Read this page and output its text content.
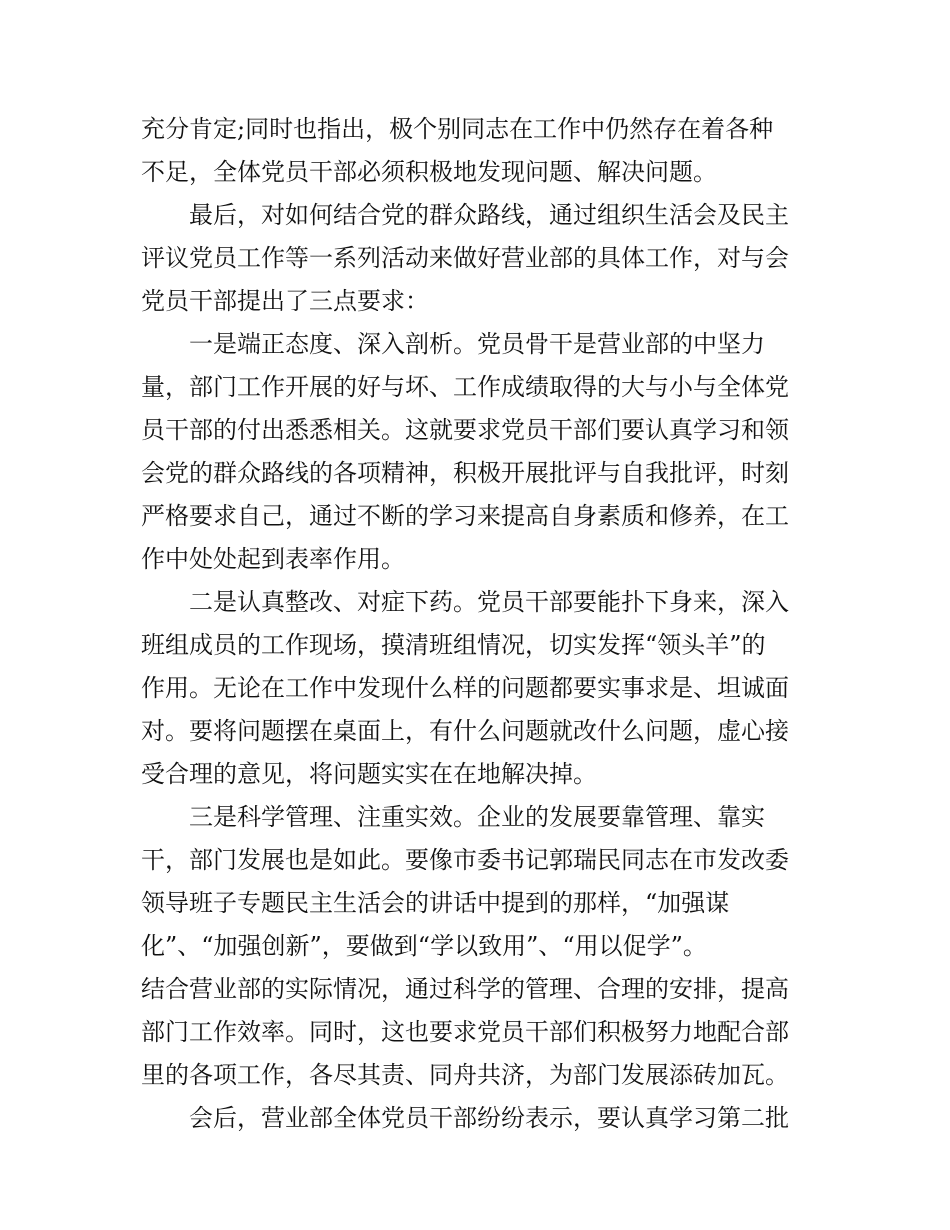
充分肯定;同时也指出，极个别同志在工作中仍然存在着各种
不足，全体党员干部必须积极地发现问题、解决问题。
最后，对如何结合党的群众路线，通过组织生活会及民主
评议党员工作等一系列活动来做好营业部的具体工作，对与会
党员干部提出了三点要求：
一是端正态度、深入剖析。党员骨干是营业部的中坚力
量，部门工作开展的好与坏、工作成绩取得的大与小与全体党
员干部的付出悉悉相关。这就要求党员干部们要认真学习和领
会党的群众路线的各项精神，积极开展批评与自我批评，时刻
严格要求自己，通过不断的学习来提高自身素质和修养，在工
作中处处起到表率作用。
二是认真整改、对症下药。党员干部要能扑下身来，深入
班组成员的工作现场，摸清班组情况，切实发挥“领头羊”的
作用。无论在工作中发现什么样的问题都要实事求是、坦诚面
对。要将问题摆在桌面上，有什么问题就改什么问题，虚心接
受合理的意见，将问题实实在在地解决掉。
三是科学管理、注重实效。企业的发展要靠管理、靠实
干，部门发展也是如此。要像市委书记郭瑞民同志在市发改委
领导班子专题民主生活会的讲话中提到的那样，“加强谋
化”、“加强创新”，要做到“学以致用”、“用以促学”。
结合营业部的实际情况，通过科学的管理、合理的安排，提高
部门工作效率。同时，这也要求党员干部们积极努力地配合部
里的各项工作，各尽其责、同舟共济，为部门发展添砖加瓦。
会后，营业部全体党员干部纷纷表示，要认真学习第二批
